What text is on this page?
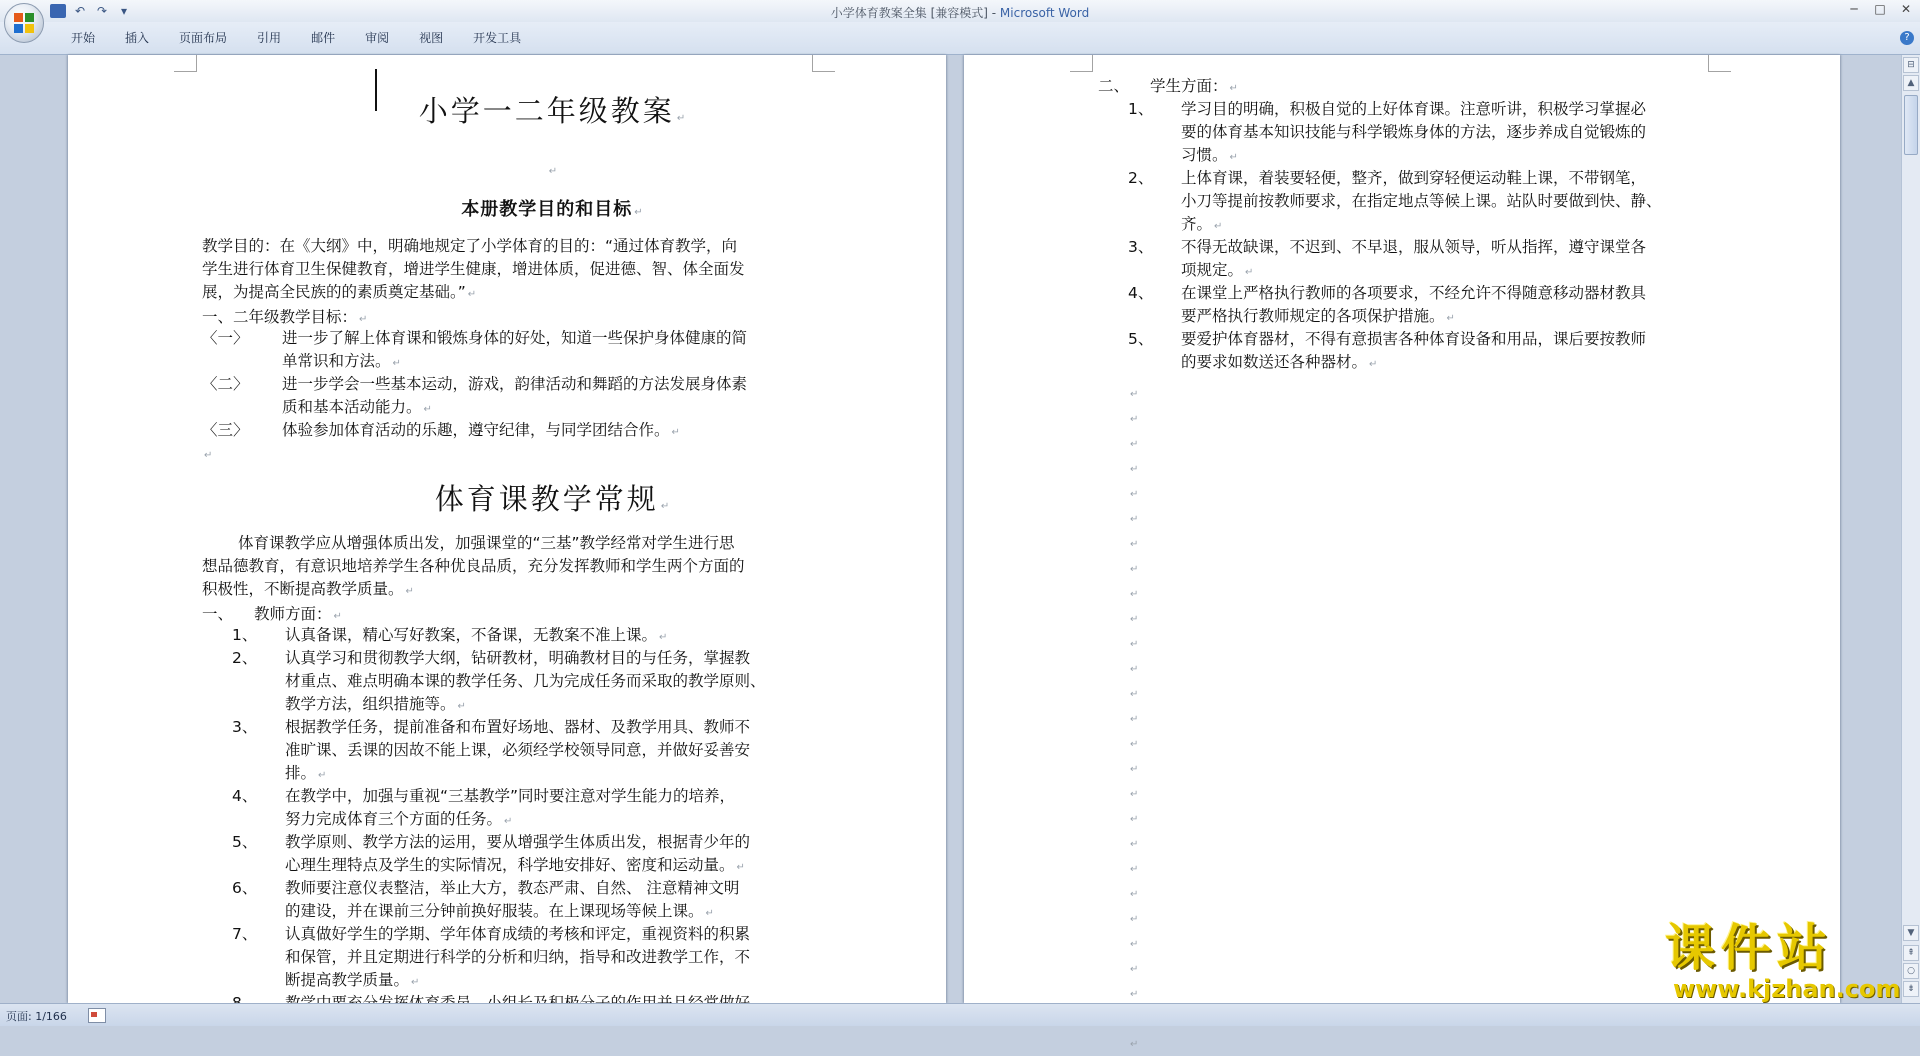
↶ ↷	▾	小学体育教案全集 [兼容模式] - Microsoft Word	─	□ ✕
开始	插入	页面布局	引用	邮件	审阅	视图	开发工具	?
小学一二年级教案 ↵
↵
本册教学目的和目标 ↵
教学目的：在《大纲》中，明确地规定了小学体育的目的：“通过体育教学，向
学生进行体育卫生保健教育，增进学生健康，增进体质，促进德、智、体全面发
展，为提高全民族的的素质奠定基础。” ↵
一、二年级教学目标： ↵
〈一〉 进一步了解上体育课和锻炼身体的好处，知道一些保护身体健康的简
单常识和方法。 ↵
〈二〉 进一步学会一些基本运动，游戏，韵律活动和舞蹈的方法发展身体素
质和基本活动能力。 ↵
〈三〉 体验参加体育活动的乐趣，遵守纪律，与同学团结合作。 ↵
↵
体育课教学常规 ↵
体育课教学应从增强体质出发，加强课堂的“三基”教学经常对学生进行思
想品德教育，有意识地培养学生各种优良品质，充分发挥教师和学生两个方面的
积极性，不断提高教学质量。 ↵
一、 教师方面： ↵
1、 认真备课，精心写好教案，不备课，无教案不准上课。 ↵
2、 认真学习和贯彻教学大纲，钻研教材，明确教材目的与任务，掌握教
材重点、难点明确本课的教学任务、几为完成任务而采取的教学原则、
教学方法，组织措施等。 ↵
3、 根据教学任务，提前准备和布置好场地、器材、及教学用具、教师不
准旷课、丢课的因故不能上课，必须经学校领导同意，并做好妥善安
排。 ↵
4、 在教学中，加强与重视“三基教学”同时要注意对学生能力的培养，
努力完成体育三个方面的任务。 ↵
5、 教学原则、教学方法的运用，要从增强学生体质出发，根据青少年的
心理生理特点及学生的实际情况，科学地安排好、密度和运动量。 ↵
6、 教师要注意仪表整洁，举止大方，教态严肃、自然、 注意精神文明
的建设，并在课前三分钟前换好服装。在上课现场等候上课。 ↵
7、 认真做好学生的学期、学年体育成绩的考核和评定，重视资料的积累
和保管，并且定期进行科学的分析和归纳，指导和改进教学工作，不
断提高教学质量。 ↵
二、 学生方面： ↵
1、 学习目的明确，积极自觉的上好体育课。注意听讲，积极学习掌握必
要的体育基本知识技能与科学锻炼身体的方法，逐步养成自觉锻炼的
习惯。 ↵
2、 上体育课，着装要轻便，整齐，做到穿轻便运动鞋上课，不带钢笔，
小刀等提前按教师要求，在指定地点等候上课。站队时要做到快、静、
齐。 ↵
3、 不得无故缺课，不迟到、不早退，服从领导，听从指挥，遵守课堂各
项规定。 ↵
4、 在课堂上严格执行教师的各项要求，不经允许不得随意移动器材教具
要严格执行教师规定的各项保护措施。 ↵
5、 要爱护体育器材，不得有意损害各种体育设备和用品，课后要按教师
的要求如数送还各种器材。 ↵
↵
↵
↵
↵
↵
↵
↵
↵
↵
↵
↵
↵
↵
↵
↵
↵
↵
↵
↵
↵
↵
↵
↵
↵
↵
↵
⊟
▲
▼
⇞
○
⇟
页面: 1/166
课件站
www.kjzhan.com
